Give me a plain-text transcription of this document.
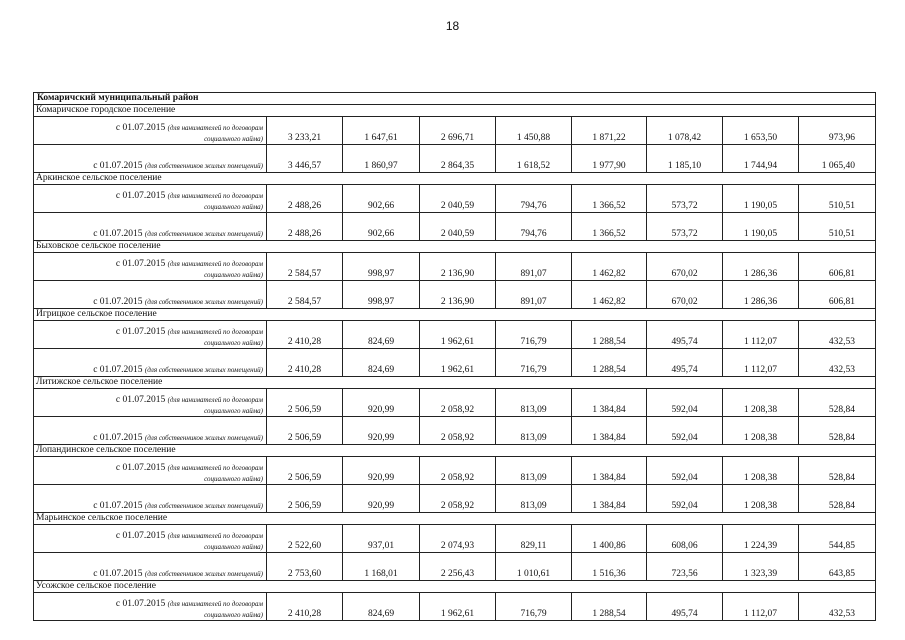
18
Комаричский муниципальный район								
Комаричское городское поселение								
с 01.07.2015 (для нанимателей по договорам
социального найма)	3 233,21	1 647,61	2 696,71	1 450,88	1 871,22	1 078,42	1 653,50	973,96
с 01.07.2015 (для собственников жилых помещений)	3 446,57	1 860,97	2 864,35	1 618,52	1 977,90	1 185,10	1 744,94	1 065,40
Аркинское сельское поселение								
с 01.07.2015 (для нанимателей по договорам
социального найма)	2 488,26	902,66	2 040,59	794,76	1 366,52	573,72	1 190,05	510,51
с 01.07.2015 (для собственников жилых помещений)	2 488,26	902,66	2 040,59	794,76	1 366,52	573,72	1 190,05	510,51
Быховское сельское поселение								
с 01.07.2015 (для нанимателей по договорам
социального найма)	2 584,57	998,97	2 136,90	891,07	1 462,82	670,02	1 286,36	606,81
с 01.07.2015 (для собственников жилых помещений)	2 584,57	998,97	2 136,90	891,07	1 462,82	670,02	1 286,36	606,81
Игрицкое сельское поселение								
с 01.07.2015 (для нанимателей по договорам
социального найма)	2 410,28	824,69	1 962,61	716,79	1 288,54	495,74	1 112,07	432,53
с 01.07.2015 (для собственников жилых помещений)	2 410,28	824,69	1 962,61	716,79	1 288,54	495,74	1 112,07	432,53
Литижское сельское поселение								
с 01.07.2015 (для нанимателей по договорам
социального найма)	2 506,59	920,99	2 058,92	813,09	1 384,84	592,04	1 208,38	528,84
с 01.07.2015 (для собственников жилых помещений)	2 506,59	920,99	2 058,92	813,09	1 384,84	592,04	1 208,38	528,84
Лопандинское сельское поселение								
с 01.07.2015 (для нанимателей по договорам
социального найма)	2 506,59	920,99	2 058,92	813,09	1 384,84	592,04	1 208,38	528,84
с 01.07.2015 (для собственников жилых помещений)	2 506,59	920,99	2 058,92	813,09	1 384,84	592,04	1 208,38	528,84
Марьинское сельское поселение								
с 01.07.2015 (для нанимателей по договорам
социального найма)	2 522,60	937,01	2 074,93	829,11	1 400,86	608,06	1 224,39	544,85
с 01.07.2015 (для собственников жилых помещений)	2 753,60	1 168,01	2 256,43	1 010,61	1 516,36	723,56	1 323,39	643,85
Усожское сельское поселение								
с 01.07.2015 (для нанимателей по договорам
социального найма)	2 410,28	824,69	1 962,61	716,79	1 288,54	495,74	1 112,07	432,53
